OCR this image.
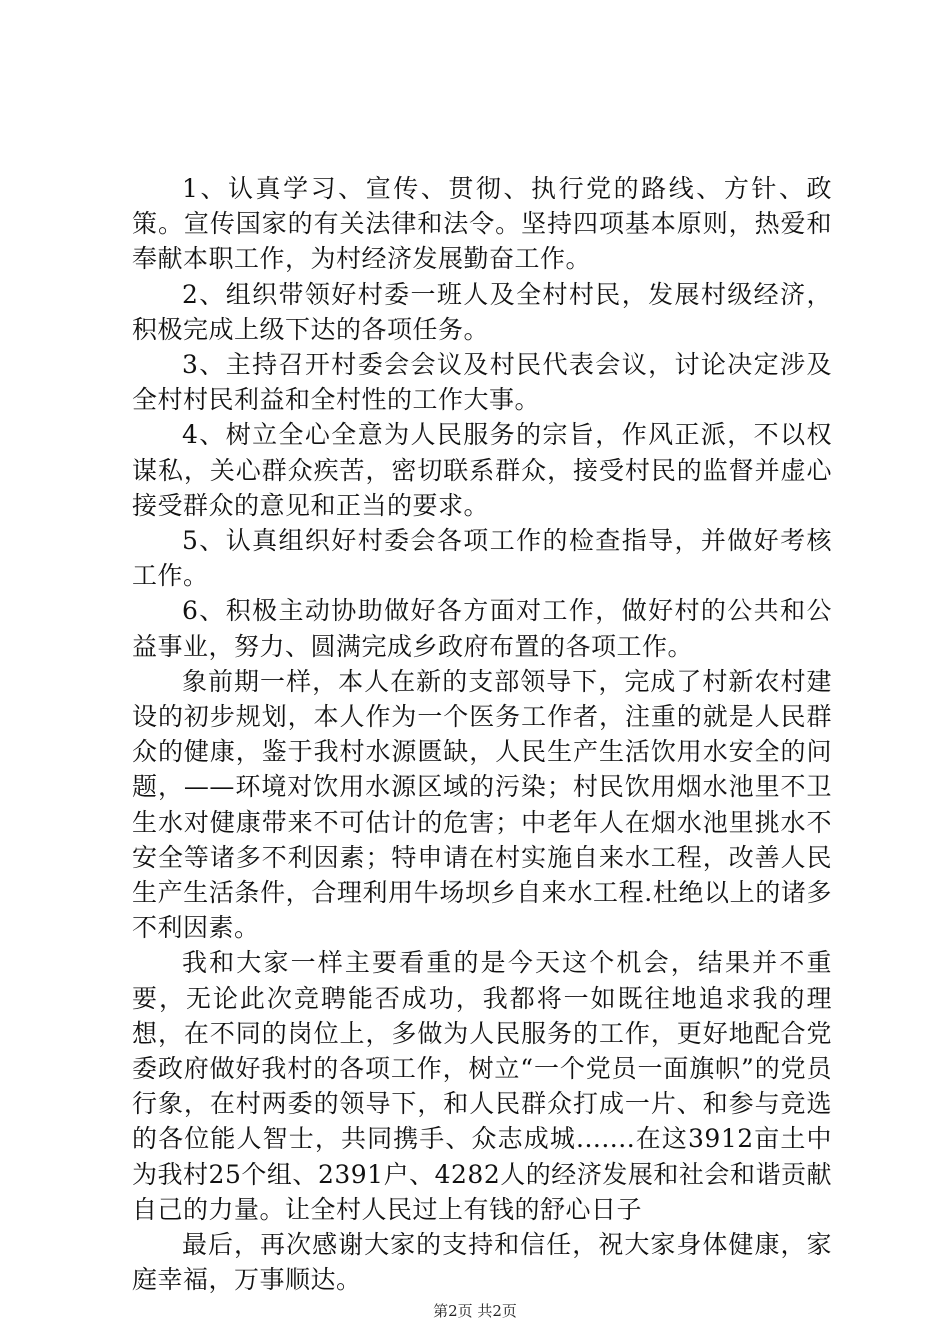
1、认真学习、宣传、贯彻、执行党的路线、方针、政策。宣传国家的有关法律和法令。坚持四项基本原则，热爱和奉献本职工作，为村经济发展勤奋工作。

2、组织带领好村委一班人及全村村民，发展村级经济，积极完成上级下达的各项任务。

3、主持召开村委会会议及村民代表会议，讨论决定涉及全村村民利益和全村性的工作大事。

4、树立全心全意为人民服务的宗旨，作风正派，不以权谋私，关心群众疾苦，密切联系群众，接受村民的监督并虚心接受群众的意见和正当的要求。

5、认真组织好村委会各项工作的检查指导，并做好考核工作。

6、积极主动协助做好各方面对工作，做好村的公共和公益事业，努力、圆满完成乡政府布置的各项工作。

象前期一样，本人在新的支部领导下，完成了村新农村建设的初步规划，本人作为一个医务工作者，注重的就是人民群众的健康，鉴于我村水源匮缺，人民生产生活饮用水安全的问题，——环境对饮用水源区域的污染；村民饮用烟水池里不卫生水对健康带来不可估计的危害；中老年人在烟水池里挑水不安全等诸多不利因素；特申请在村实施自来水工程，改善人民生产生活条件，合理利用牛场坝乡自来水工程.杜绝以上的诸多不利因素。

我和大家一样主要看重的是今天这个机会，结果并不重要，无论此次竞聘能否成功，我都将一如既往地追求我的理想，在不同的岗位上，多做为人民服务的工作，更好地配合党委政府做好我村的各项工作，树立“一个党员一面旗帜”的党员行象，在村两委的领导下，和人民群众打成一片、和参与竞选的各位能人智士，共同携手、众志成城.......在这3912亩土中为我村25个组、2391户、4282人的经济发展和社会和谐贡献自己的力量。让全村人民过上有钱的舒心日子

最后，再次感谢大家的支持和信任，祝大家身体健康，家庭幸福，万事顺达。

第2页 共2页
